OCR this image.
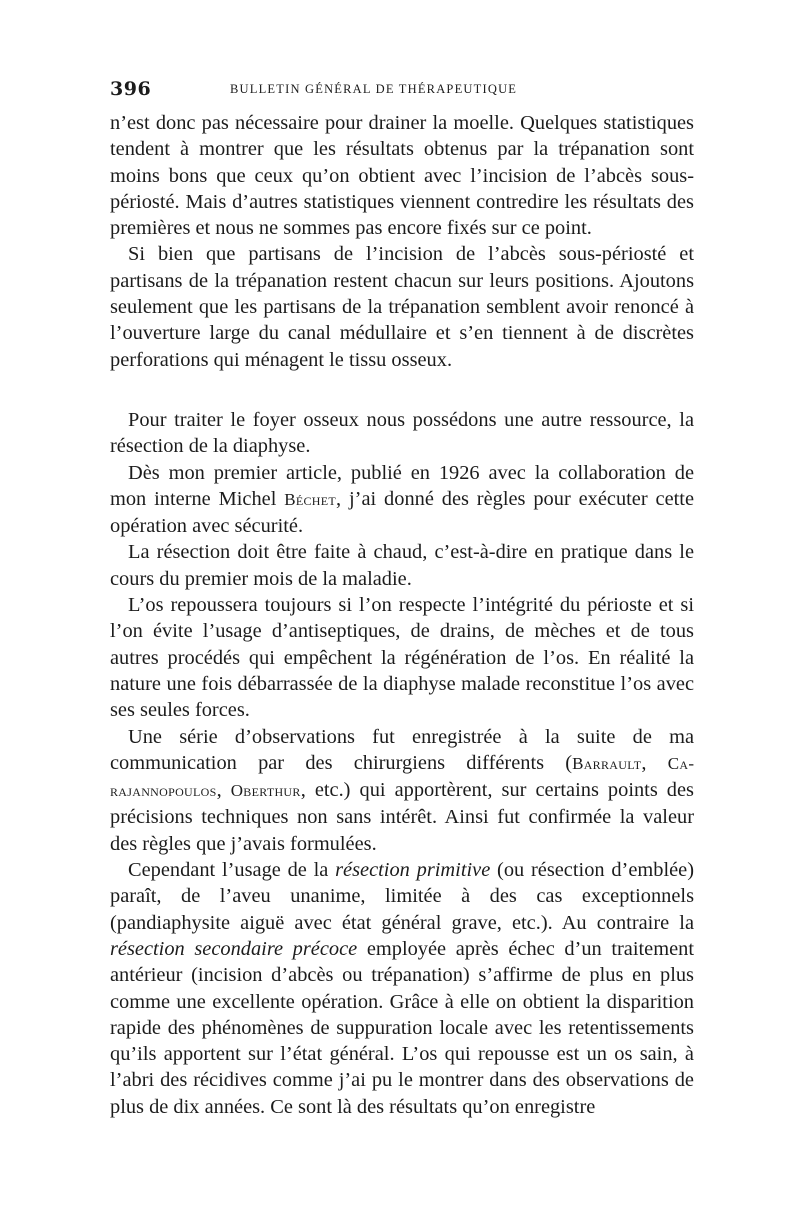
396	BULLETIN GÉNÉRAL DE THÉRAPEUTIQUE

n’est donc pas nécessaire pour drainer la moelle. Quelques statistiques tendent à montrer que les résultats obtenus par la trépanation sont moins bons que ceux qu’on obtient avec l’incision de l’abcès sous-périosté. Mais d’autres statistiques viennent contredire les résultats des premières et nous ne sommes pas encore fixés sur ce point.

Si bien que partisans de l’incision de l’abcès sous-périosté et partisans de la trépanation restent chacun sur leurs positions. Ajoutons seulement que les partisans de la trépanation semblent avoir renoncé à l’ouverture large du canal médullaire et s’en tiennent à de discrètes perforations qui ménagent le tissu osseux.

Pour traiter le foyer osseux nous possédons une autre ressource, la résection de la diaphyse.

Dès mon premier article, publié en 1926 avec la collaboration de mon interne Michel Béchet, j’ai donné des règles pour exécuter cette opération avec sécurité.

La résection doit être faite à chaud, c’est-à-dire en pratique dans le cours du premier mois de la maladie.

L’os repoussera toujours si l’on respecte l’intégrité du périoste et si l’on évite l’usage d’antiseptiques, de drains, de mèches et de tous autres procédés qui empêchent la régénération de l’os. En réalité la nature une fois débarrassée de la diaphyse malade reconstitue l’os avec ses seules forces.

Une série d’observations fut enregistrée à la suite de ma communication par des chirurgiens différents (Barrault, Carajannopoulos, Oberthur, etc.) qui apportèrent, sur certains points des précisions techniques non sans intérêt. Ainsi fut confirmée la valeur des règles que j’avais formulées.

Cependant l’usage de la résection primitive (ou résection d’emblée) paraît, de l’aveu unanime, limitée à des cas exceptionnels (pandiaphysite aiguë avec état général grave, etc.). Au contraire la résection secondaire précoce employée après échec d’un traitement antérieur (incision d’abcès ou trépanation) s’affirme de plus en plus comme une excellente opération. Grâce à elle on obtient la disparition rapide des phénomènes de suppuration locale avec les retentissements qu’ils apportent sur l’état général. L’os qui repousse est un os sain, à l’abri des récidives comme j’ai pu le montrer dans des observations de plus de dix années. Ce sont là des résultats qu’on enregistre
